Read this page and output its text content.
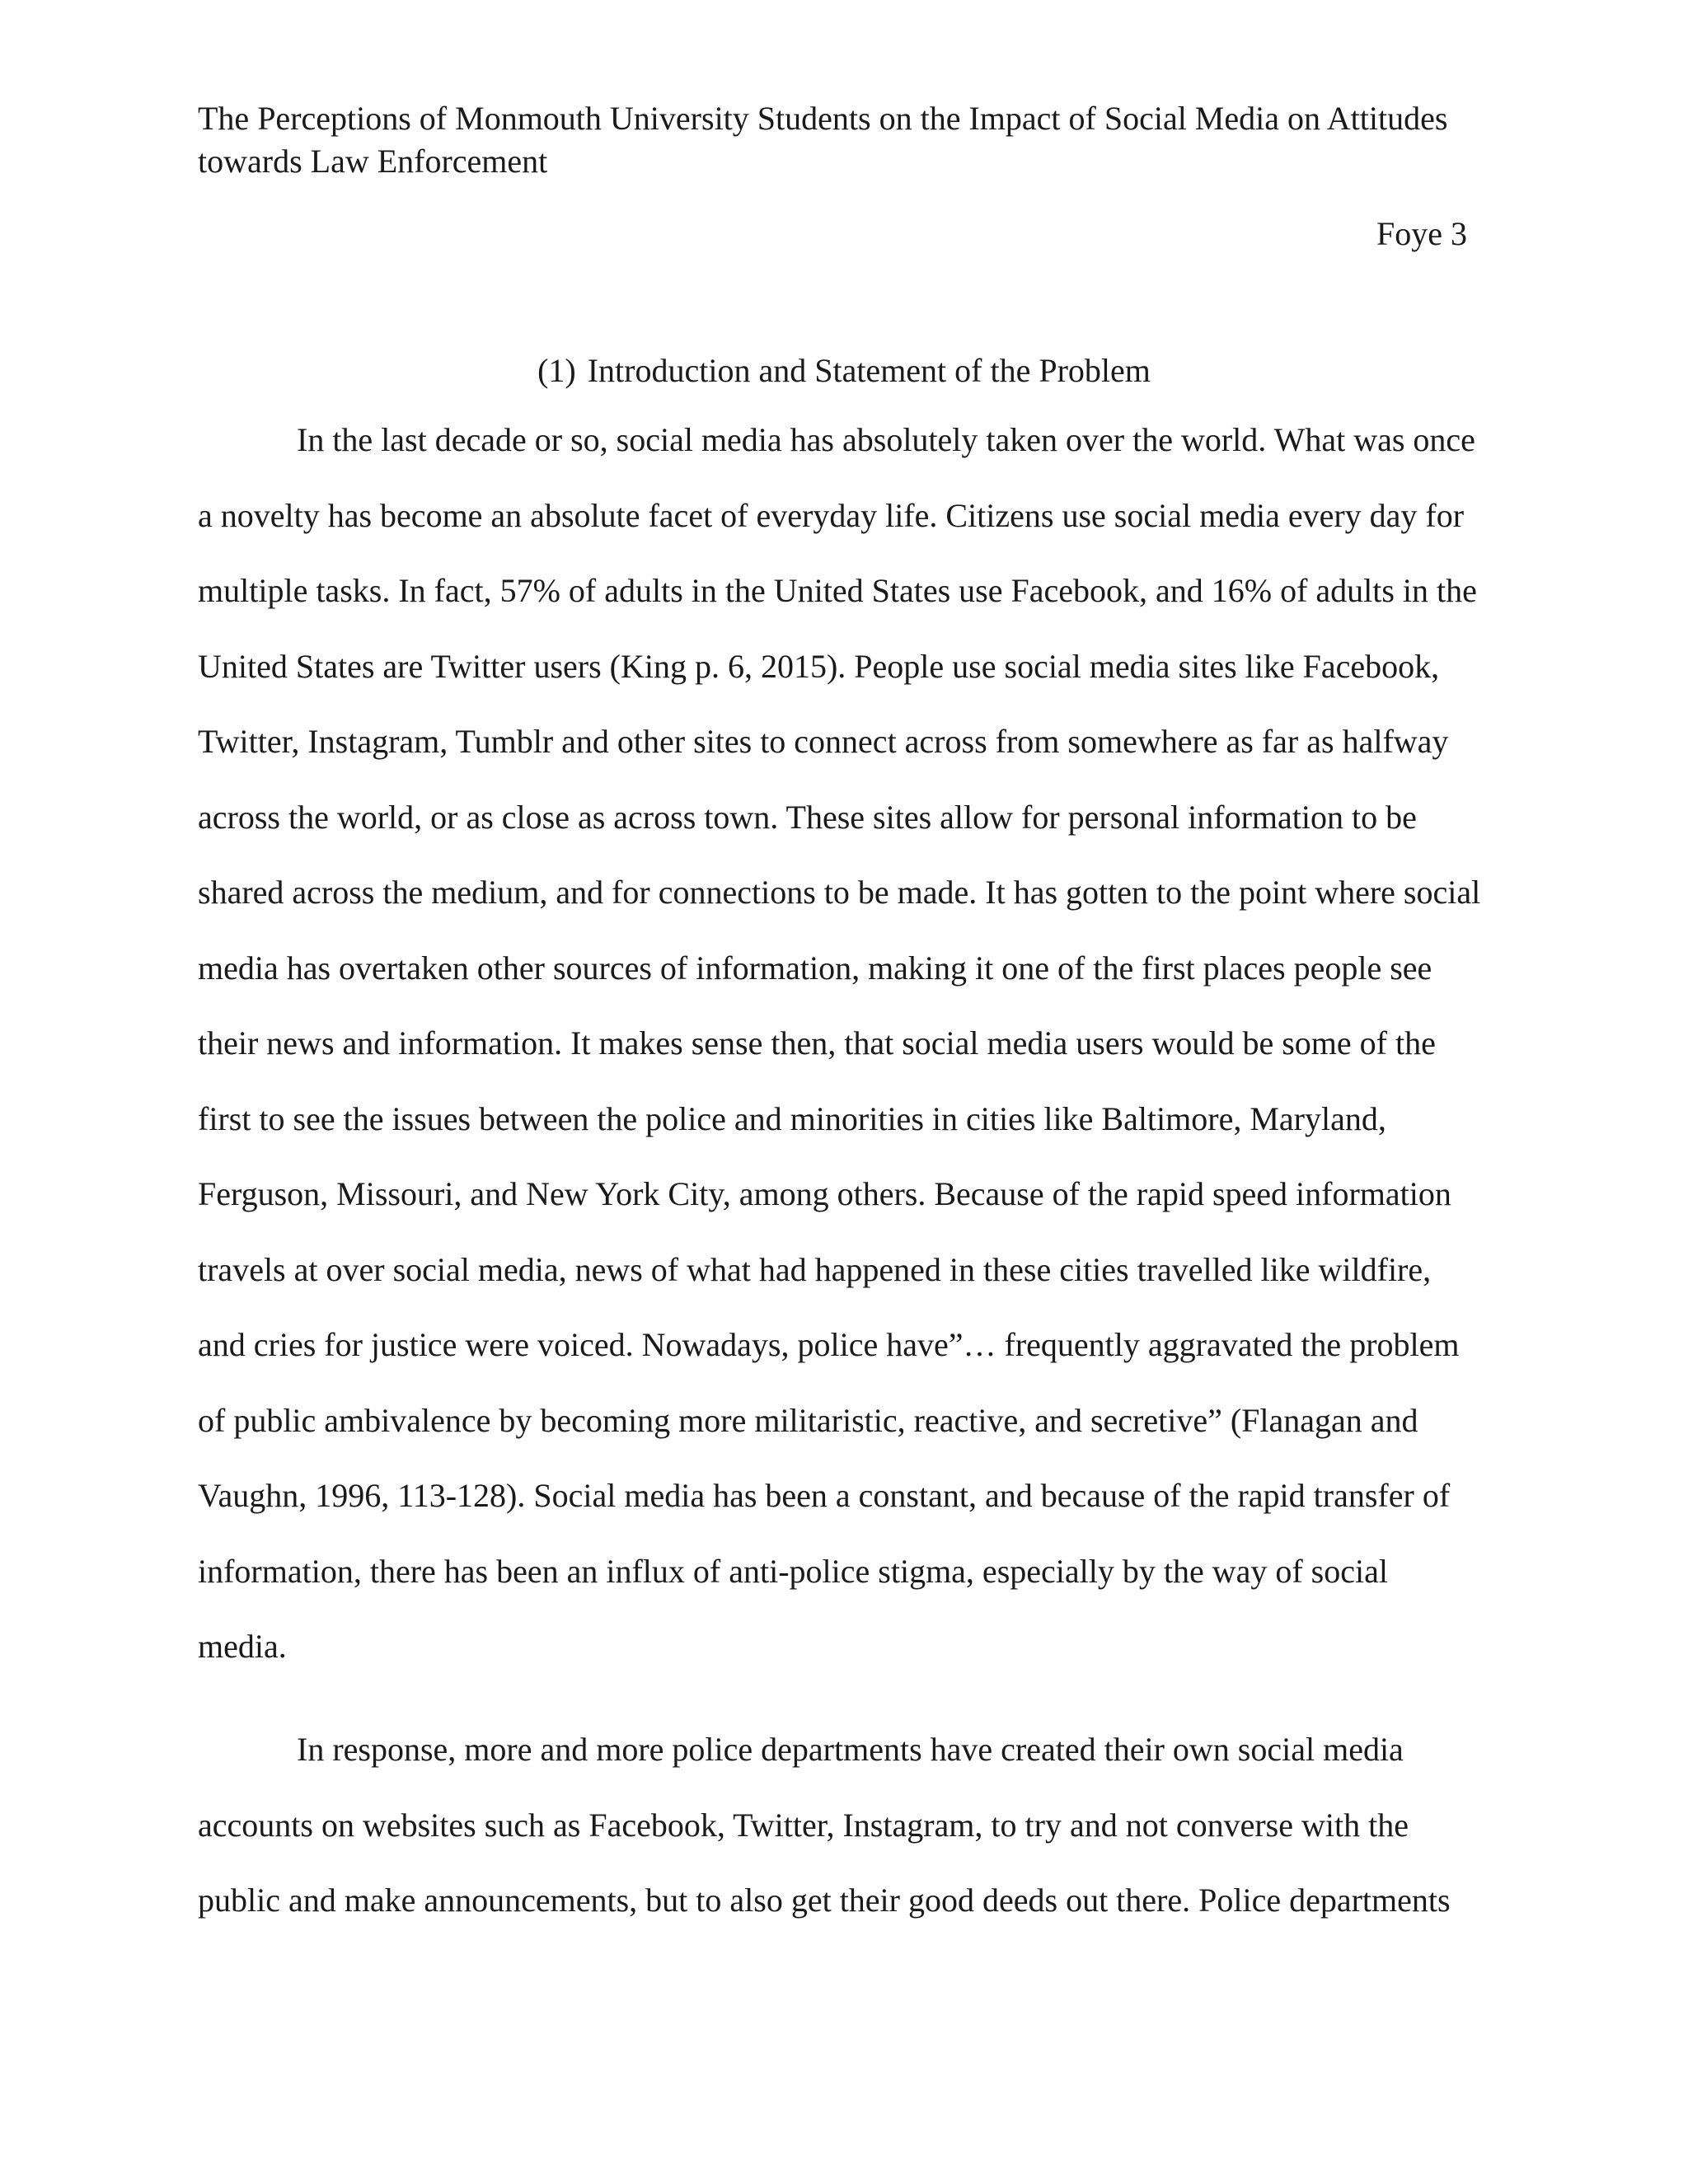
The Perceptions of Monmouth University Students on the Impact of Social Media on Attitudes
towards Law Enforcement
Foye 3
(1) Introduction and Statement of the Problem
In the last decade or so, social media has absolutely taken over the world. What was once
a novelty has become an absolute facet of everyday life. Citizens use social media every day for
multiple tasks. In fact, 57% of adults in the United States use Facebook, and 16% of adults in the
United States are Twitter users (King p. 6, 2015). People use social media sites like Facebook,
Twitter, Instagram, Tumblr and other sites to connect across from somewhere as far as halfway
across the world, or as close as across town. These sites allow for personal information to be
shared across the medium, and for connections to be made. It has gotten to the point where social
media has overtaken other sources of information, making it one of the first places people see
their news and information. It makes sense then, that social media users would be some of the
first to see the issues between the police and minorities in cities like Baltimore, Maryland,
Ferguson, Missouri, and New York City, among others. Because of the rapid speed information
travels at over social media, news of what had happened in these cities travelled like wildfire,
and cries for justice were voiced. Nowadays, police have”… frequently aggravated the problem
of public ambivalence by becoming more militaristic, reactive, and secretive” (Flanagan and
Vaughn, 1996, 113-128). Social media has been a constant, and because of the rapid transfer of
information, there has been an influx of anti-police stigma, especially by the way of social
media.
In response, more and more police departments have created their own social media
accounts on websites such as Facebook, Twitter, Instagram, to try and not converse with the
public and make announcements, but to also get their good deeds out there. Police departments
